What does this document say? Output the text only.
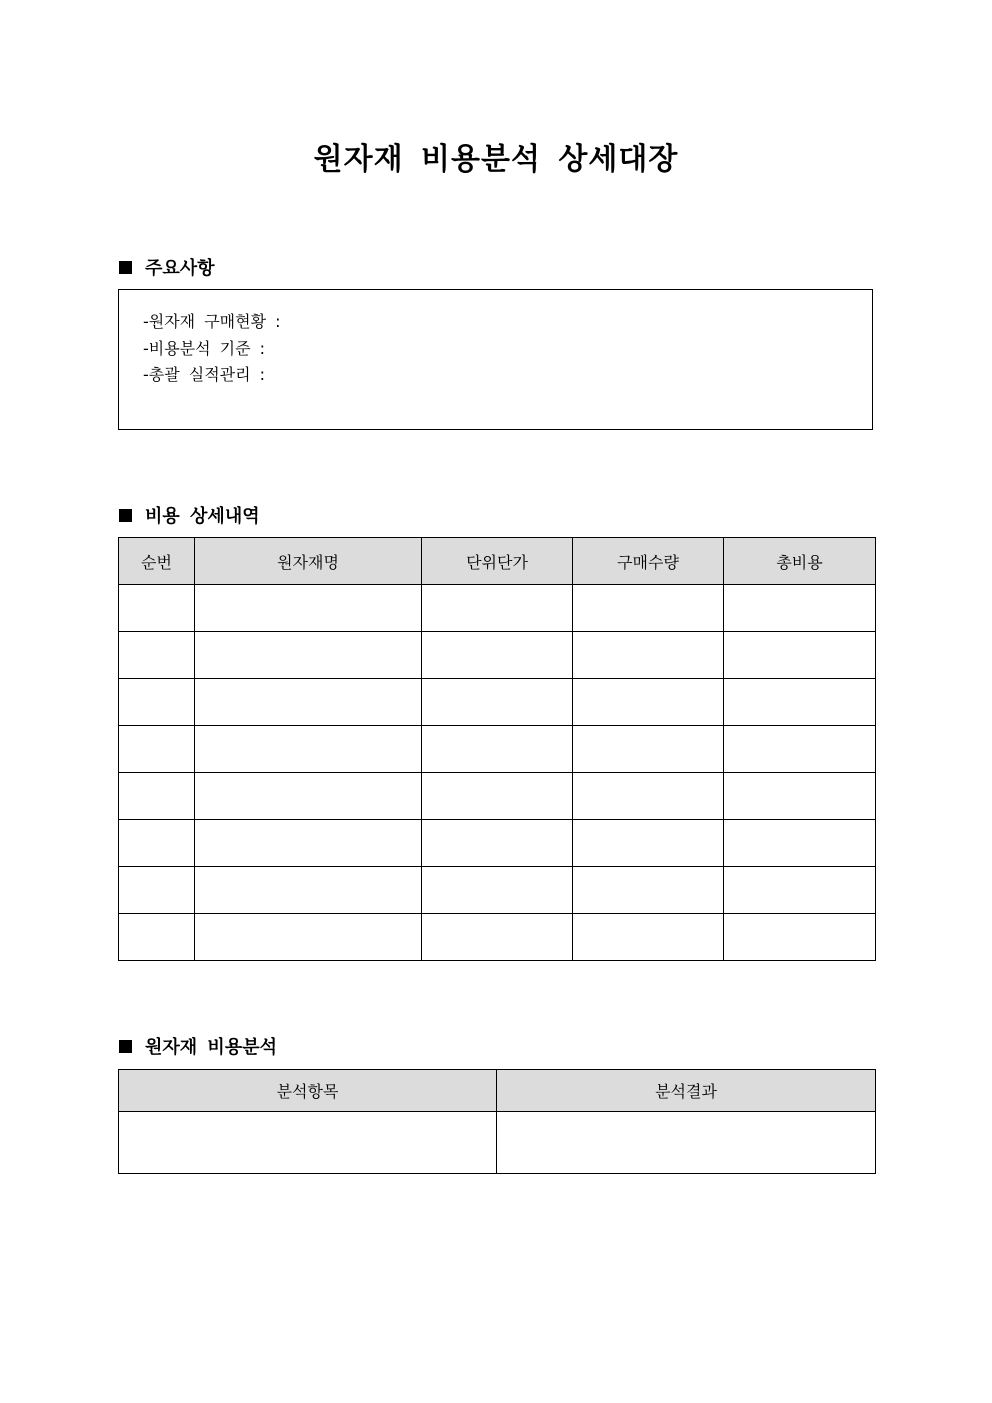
원자재 비용분석 상세대장
주요사항
-원자재 구매현황 :
-비용분석 기준 :
-총괄 실적관리 :
비용 상세내역
순번	원자재명	단위단가	구매수량	총비용

원자재 비용분석
분석항목	분석결과
